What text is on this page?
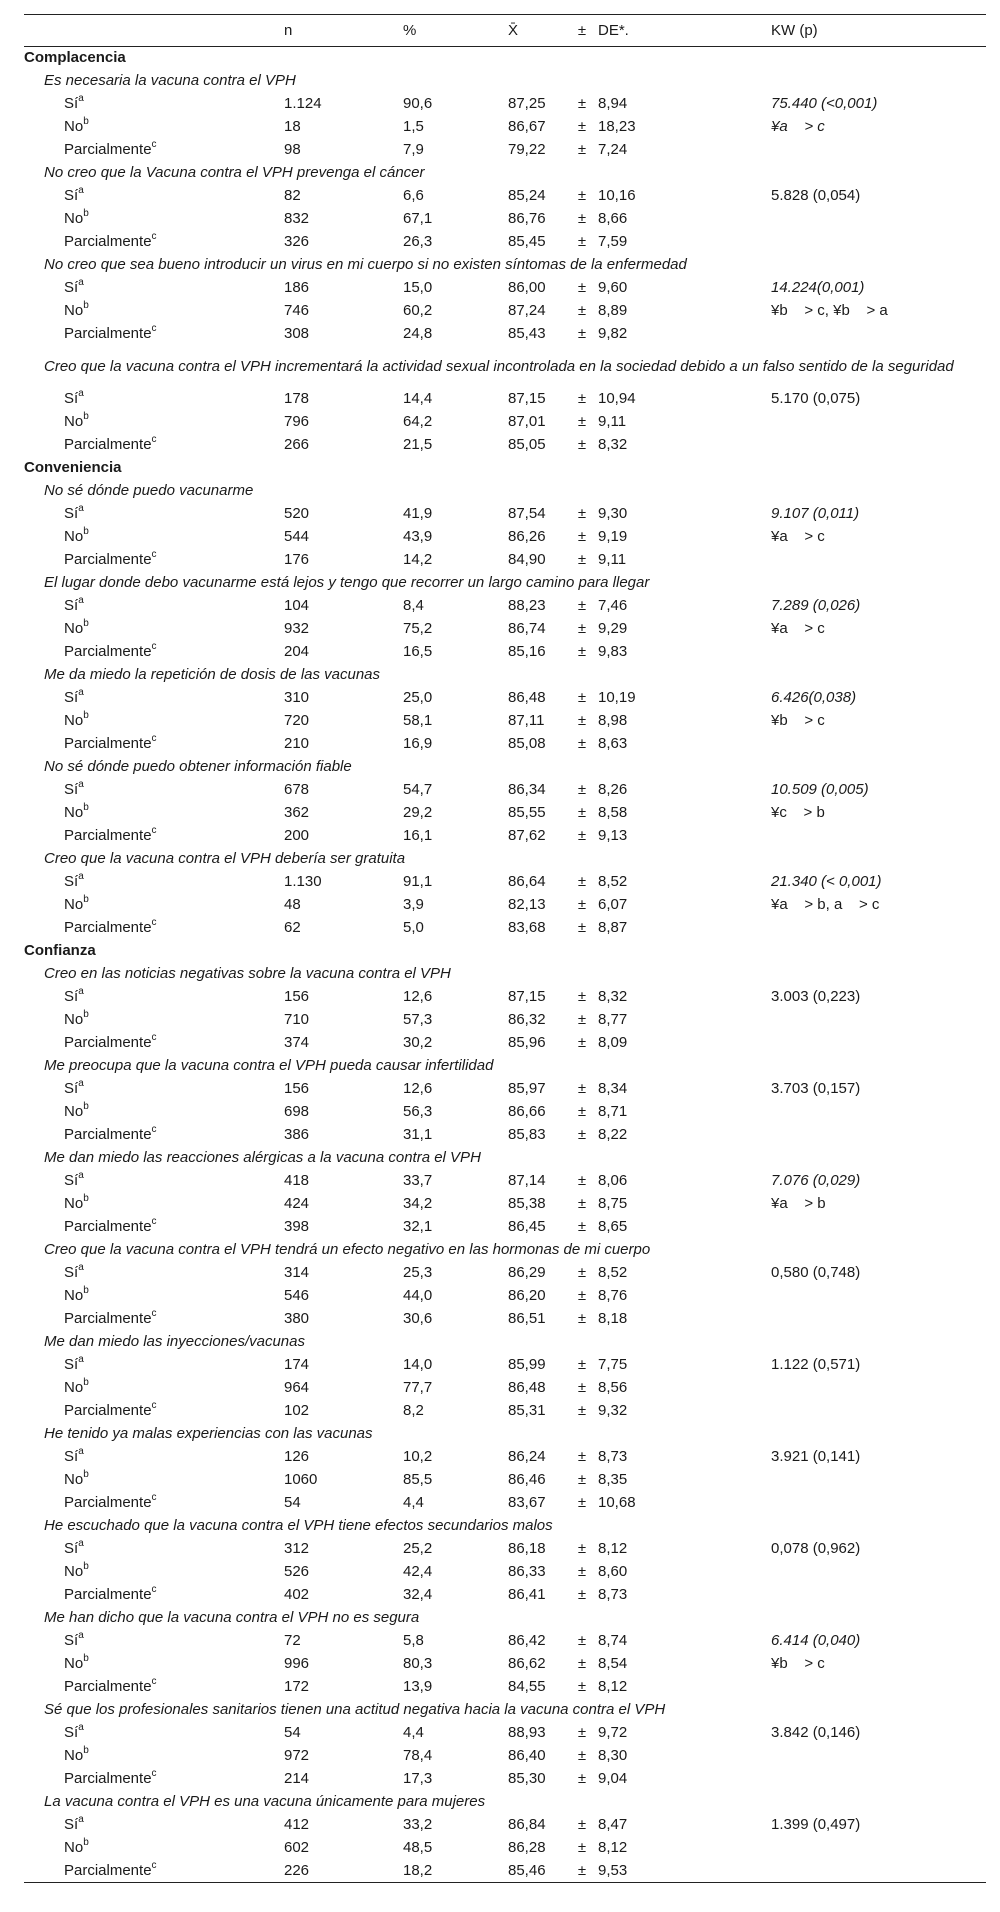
	n	%	X̄	±	DE*.	KW (p)
Complacencia						
Es necesaria la vacuna contra el VPH						
$Sí^a$	1.124	90,6	87,25	±	8,94	75.440 (<0,001)
No$^b$	18	1,5	86,67	±	18,23	¥a    > c
Parcialmente$^c$	98	7,9	79,22	±	7,24	
No creo que la Vacuna contra el VPH prevenga el cáncer						
$Sí^a$	82	6,6	85,24	±	10,16	5.828 (0,054)
No$^b$	832	67,1	86,76	±	8,66	
Parcialmente$^c$	326	26,3	85,45	±	7,59	
No creo que sea bueno introducir un virus en mi cuerpo si no existen síntomas de la enfermedad						
$Sí^a$	186	15,0	86,00	±	9,60	14.224(0,001)
No$^b$	746	60,2	87,24	±	8,89	¥b    > c, ¥b    > a
Parcialmente$^c$	308	24,8	85,43	±	9,82	
Creo que la vacuna contra el VPH incrementará la actividad sexual incontrolada en la sociedad debido a un falso sentido de la seguridad						
$Sí^a$	178	14,4	87,15	±	10,94	5.170 (0,075)
No$^b$	796	64,2	87,01	±	9,11	
Parcialmente$^c$	266	21,5	85,05	±	8,32	
Conveniencia						
No sé dónde puedo vacunarme						
$Sí^a$	520	41,9	87,54	±	9,30	9.107 (0,011)
No$^b$	544	43,9	86,26	±	9,19	¥a    > c
Parcialmente$^c$	176	14,2	84,90	±	9,11	
El lugar donde debo vacunarme está lejos y tengo que recorrer un largo camino para llegar						
$Sí^a$	104	8,4	88,23	±	7,46	7.289 (0,026)
No$^b$	932	75,2	86,74	±	9,29	¥a    > c
Parcialmente$^c$	204	16,5	85,16	±	9,83	
Me da miedo la repetición de dosis de las vacunas						
$Sí^a$	310	25,0	86,48	±	10,19	6.426(0,038)
No$^b$	720	58,1	87,11	±	8,98	¥b    > c
Parcialmente$^c$	210	16,9	85,08	±	8,63	
No sé dónde puedo obtener información fiable						
$Sí^a$	678	54,7	86,34	±	8,26	10.509 (0,005)
No$^b$	362	29,2	85,55	±	8,58	¥c    > b
Parcialmente$^c$	200	16,1	87,62	±	9,13	
Creo que la vacuna contra el VPH debería ser gratuita						
$Sí^a$	1.130	91,1	86,64	±	8,52	21.340 (< 0,001)
No$^b$	48	3,9	82,13	±	6,07	¥a    > b, a    > c
Parcialmente$^c$	62	5,0	83,68	±	8,87	
Confianza						
Creo en las noticias negativas sobre la vacuna contra el VPH						
$Sí^a$	156	12,6	87,15	±	8,32	3.003 (0,223)
No$^b$	710	57,3	86,32	±	8,77	
Parcialmente$^c$	374	30,2	85,96	±	8,09	
Me preocupa que la vacuna contra el VPH pueda causar infertilidad						
$Sí^a$	156	12,6	85,97	±	8,34	3.703 (0,157)
No$^b$	698	56,3	86,66	±	8,71	
Parcialmente$^c$	386	31,1	85,83	±	8,22	
Me dan miedo las reacciones alérgicas a la vacuna contra el VPH						
$Sí^a$	418	33,7	87,14	±	8,06	7.076 (0,029)
No$^b$	424	34,2	85,38	±	8,75	¥a    > b
Parcialmente$^c$	398	32,1	86,45	±	8,65	
Creo que la vacuna contra el VPH tendrá un efecto negativo en las hormonas de mi cuerpo						
$Sí^a$	314	25,3	86,29	±	8,52	0,580 (0,748)
No$^b$	546	44,0	86,20	±	8,76	
Parcialmente$^c$	380	30,6	86,51	±	8,18	
Me dan miedo las inyecciones/vacunas						
$Sí^a$	174	14,0	85,99	±	7,75	1.122 (0,571)
No$^b$	964	77,7	86,48	±	8,56	
Parcialmente$^c$	102	8,2	85,31	±	9,32	
He tenido ya malas experiencias con las vacunas						
$Sí^a$	126	10,2	86,24	±	8,73	3.921 (0,141)
No$^b$	1060	85,5	86,46	±	8,35	
Parcialmente$^c$	54	4,4	83,67	±	10,68	
He escuchado que la vacuna contra el VPH tiene efectos secundarios malos						
$Sí^a$	312	25,2	86,18	±	8,12	0,078 (0,962)
No$^b$	526	42,4	86,33	±	8,60	
Parcialmente$^c$	402	32,4	86,41	±	8,73	
Me han dicho que la vacuna contra el VPH no es segura						
$Sí^a$	72	5,8	86,42	±	8,74	6.414 (0,040)
No$^b$	996	80,3	86,62	±	8,54	¥b    > c
Parcialmente$^c$	172	13,9	84,55	±	8,12	
Sé que los profesionales sanitarios tienen una actitud negativa hacia la vacuna contra el VPH						
$Sí^a$	54	4,4	88,93	±	9,72	3.842 (0,146)
No$^b$	972	78,4	86,40	±	8,30	
Parcialmente$^c$	214	17,3	85,30	±	9,04	
La vacuna contra el VPH es una vacuna únicamente para mujeres						
$Sí^a$	412	33,2	86,84	±	8,47	1.399 (0,497)
No$^b$	602	48,5	86,28	±	8,12	
Parcialmente$^c$	226	18,2	85,46	±	9,53	
